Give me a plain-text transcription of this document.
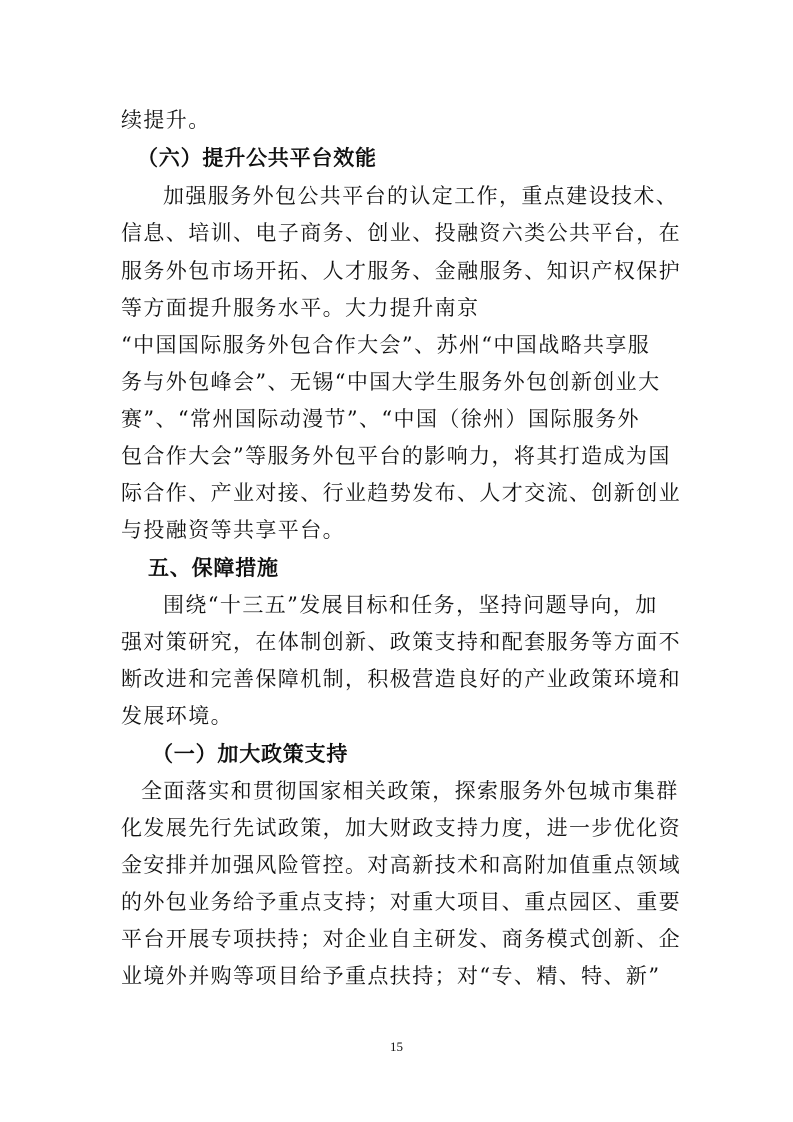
续提升。
（六）提升公共平台效能
加强服务外包公共平台的认定工作，重点建设技术、
信息、培训、电子商务、创业、投融资六类公共平台，在
服务外包市场开拓、人才服务、金融服务、知识产权保护
等方面提升服务水平。大力提升南京
“中国国际服务外包合作大会”、苏州“中国战略共享服
务与外包峰会”、无锡“中国大学生服务外包创新创业大
赛”、“常州国际动漫节”、“中国（徐州）国际服务外
包合作大会”等服务外包平台的影响力，将其打造成为国
际合作、产业对接、行业趋势发布、人才交流、创新创业
与投融资等共享平台。
五、保障措施
围绕“十三五”发展目标和任务，坚持问题导向，加
强对策研究，在体制创新、政策支持和配套服务等方面不
断改进和完善保障机制，积极营造良好的产业政策环境和
发展环境。
（一）加大政策支持
全面落实和贯彻国家相关政策，探索服务外包城市集群
化发展先行先试政策，加大财政支持力度，进一步优化资
金安排并加强风险管控。对高新技术和高附加值重点领域
的外包业务给予重点支持；对重大项目、重点园区、重要
平台开展专项扶持；对企业自主研发、商务模式创新、企
业境外并购等项目给予重点扶持；对“专、精、特、新”
15
